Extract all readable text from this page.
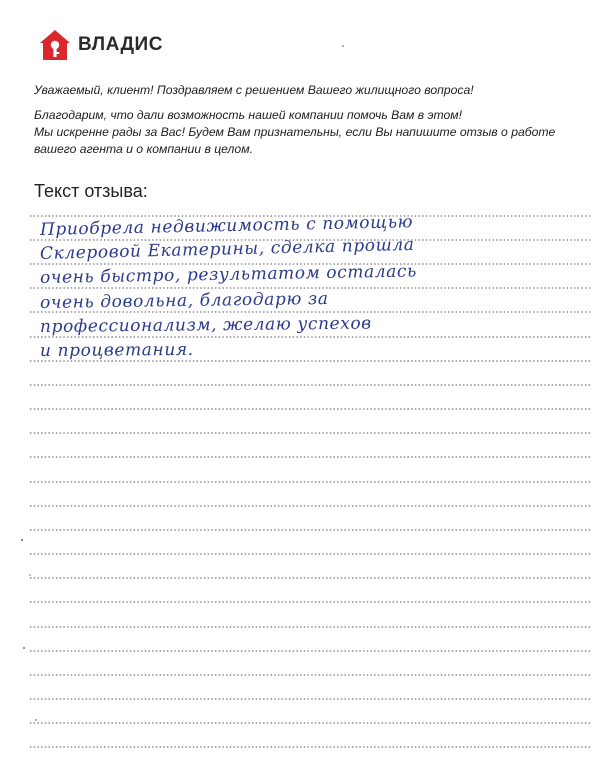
ВЛАДИС

Уважаемый, клиент! Поздравляем с решением Вашего жилищного вопроса!

Благодарим, что дали возможность нашей компании помочь Вам в этом!

Мы искренне рады за Вас! Будем Вам признательны, если Вы напишите отзыв о работе

вашего агента и о компании в целом.

Текст отзыва:
Приобрела недвижимость с помощью
Склеровой Екатерины, сделка прошла
очень быстро, результатом осталась
очень довольна, благодарю за
профессионализм, желаю успехов
и процветания.
